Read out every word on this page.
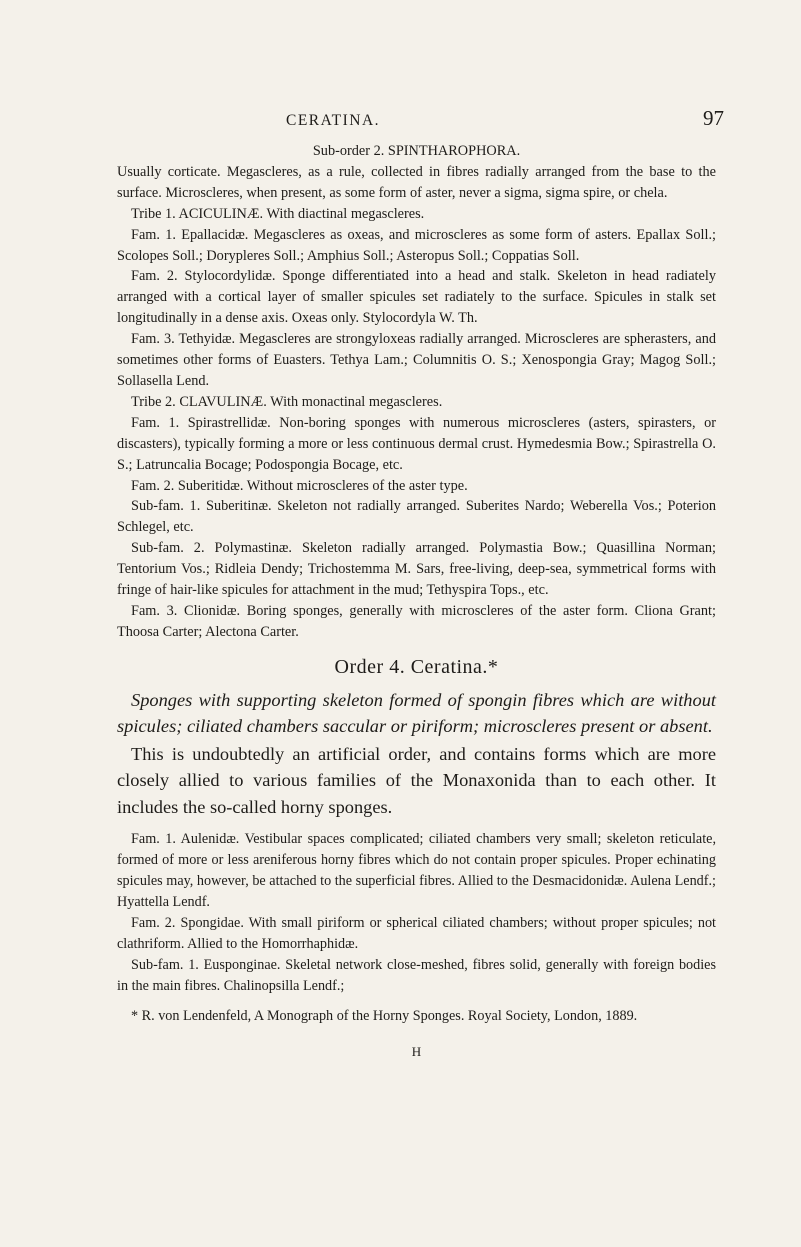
CERATINA.	97

Sub-order 2. SPINTHAROPHORA.

Usually corticate. Megascleres, as a rule, collected in fibres radially arranged from the base to the surface. Microscleres, when present, as some form of aster, never a sigma, sigma spire, or chela.

Tribe 1. ACICULINÆ. With diactinal megascleres.

Fam. 1. Epallacidæ. Megascleres as oxeas, and microscleres as some form of asters. Epallax Soll.; Scolopes Soll.; Dorypleres Soll.; Amphius Soll.; Asteropus Soll.; Coppatias Soll.

Fam. 2. Stylocordylidæ. Sponge differentiated into a head and stalk. Skeleton in head radiately arranged with a cortical layer of smaller spicules set radiately to the surface. Spicules in stalk set longitudinally in a dense axis. Oxeas only. Stylocordyla W. Th.

Fam. 3. Tethyidæ. Megascleres are strongyloxeas radially arranged. Microscleres are spherasters, and sometimes other forms of Euasters. Tethya Lam.; Columnitis O. S.; Xenospongia Gray; Magog Soll.; Sollasella Lend.

Tribe 2. CLAVULINÆ. With monactinal megascleres.

Fam. 1. Spirastrellidæ. Non-boring sponges with numerous microscleres (asters, spirasters, or discasters), typically forming a more or less continuous dermal crust. Hymedesmia Bow.; Spirastrella O. S.; Latruncalia Bocage; Podospongia Bocage, etc.

Fam. 2. Suberitidæ. Without microscleres of the aster type.

Sub-fam. 1. Suberitinæ. Skeleton not radially arranged. Suberites Nardo; Weberella Vos.; Poterion Schlegel, etc.

Sub-fam. 2. Polymastinæ. Skeleton radially arranged. Polymastia Bow.; Quasillina Norman; Tentorium Vos.; Ridleia Dendy; Trichostemma M. Sars, free-living, deep-sea, symmetrical forms with fringe of hair-like spicules for attachment in the mud; Tethyspira Tops., etc.

Fam. 3. Clionidæ. Boring sponges, generally with microscleres of the aster form. Cliona Grant; Thoosa Carter; Alectona Carter.

Order 4. Ceratina.*

Sponges with supporting skeleton formed of spongin fibres which are without spicules; ciliated chambers saccular or piriform; microscleres present or absent.

This is undoubtedly an artificial order, and contains forms which are more closely allied to various families of the Monaxonida than to each other. It includes the so-called horny sponges.

Fam. 1. Aulenidæ. Vestibular spaces complicated; ciliated chambers very small; skeleton reticulate, formed of more or less areniferous horny fibres which do not contain proper spicules. Proper echinating spicules may, however, be attached to the superficial fibres. Allied to the Desmacidonidæ. Aulena Lendf.; Hyattella Lendf.

Fam. 2. Spongidae. With small piriform or spherical ciliated chambers; without proper spicules; not clathriform. Allied to the Homorrhaphidæ.

Sub-fam. 1. Eusponginae. Skeletal network close-meshed, fibres solid, generally with foreign bodies in the main fibres. Chalinopsilla Lendf.;

* R. von Lendenfeld, A Monograph of the Horny Sponges. Royal Society, London, 1889.

H
